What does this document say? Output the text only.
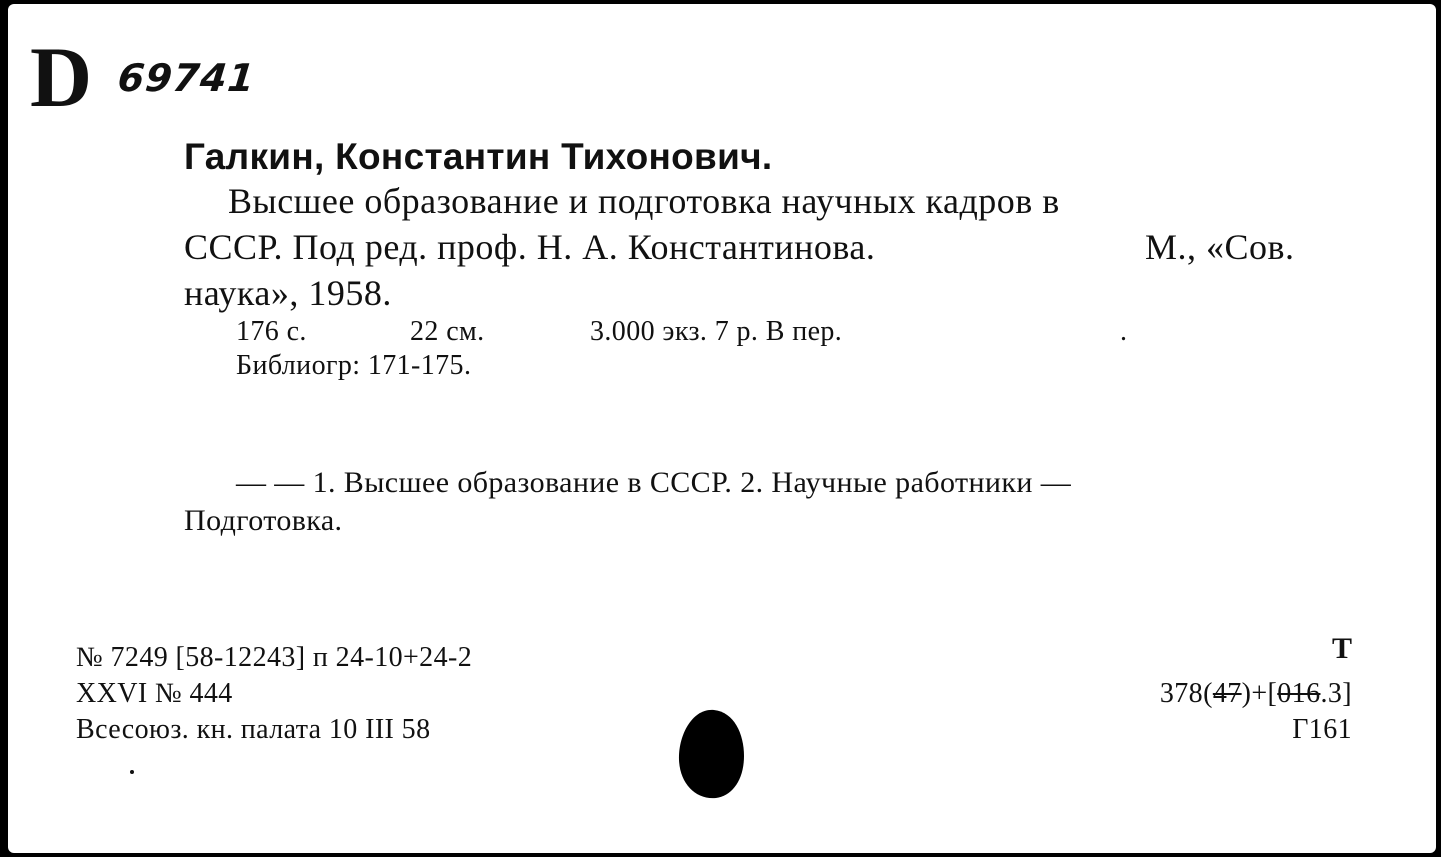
D 69741
Галкин, Константин Тихонович.
Высшее образование и подготовка научных кадров в
СССР. Под ред. проф. Н. А. Константинова.	М., «Сов.
наука», 1958.
176 с.	22 см.	3.000 экз. 7 р. В пер.	.
Библиогр: 171-175.
— — 1. Высшее образование в СССР. 2. Научные работники —
Подготовка.
№ 7249 [58-12243] п 24-10+24-2
XXVI № 444
Всесоюз. кн. палата 10 III 58
Т
378(47)+[016.3]
Г161
